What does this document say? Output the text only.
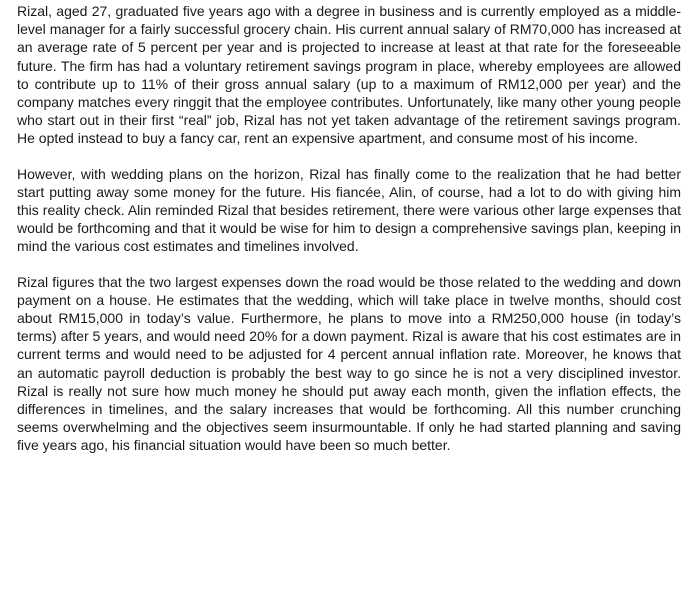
Rizal, aged 27, graduated five years ago with a degree in business and is currently employed as a middle-level manager for a fairly successful grocery chain. His current annual salary of RM70,000 has increased at an average rate of 5 percent per year and is projected to increase at least at that rate for the foreseeable future. The firm has had a voluntary retirement savings program in place, whereby employees are allowed to contribute up to 11% of their gross annual salary (up to a maximum of RM12,000 per year) and the company matches every ringgit that the employee contributes. Unfortunately, like many other young people who start out in their first “real” job, Rizal has not yet taken advantage of the retirement savings program. He opted instead to buy a fancy car, rent an expensive apartment, and consume most of his income.

However, with wedding plans on the horizon, Rizal has finally come to the realization that he had better start putting away some money for the future. His fiancée, Alin, of course, had a lot to do with giving him this reality check. Alin reminded Rizal that besides retirement, there were various other large expenses that would be forthcoming and that it would be wise for him to design a comprehensive savings plan, keeping in mind the various cost estimates and timelines involved.

Rizal figures that the two largest expenses down the road would be those related to the wedding and down payment on a house. He estimates that the wedding, which will take place in twelve months, should cost about RM15,000 in today’s value. Furthermore, he plans to move into a RM250,000 house (in today’s terms) after 5 years, and would need 20% for a down payment. Rizal is aware that his cost estimates are in current terms and would need to be adjusted for 4 percent annual inflation rate. Moreover, he knows that an automatic payroll deduction is probably the best way to go since he is not a very disciplined investor. Rizal is really not sure how much money he should put away each month, given the inflation effects, the differences in timelines, and the salary increases that would be forthcoming. All this number crunching seems overwhelming and the objectives seem insurmountable. If only he had started planning and saving five years ago, his financial situation would have been so much better.
